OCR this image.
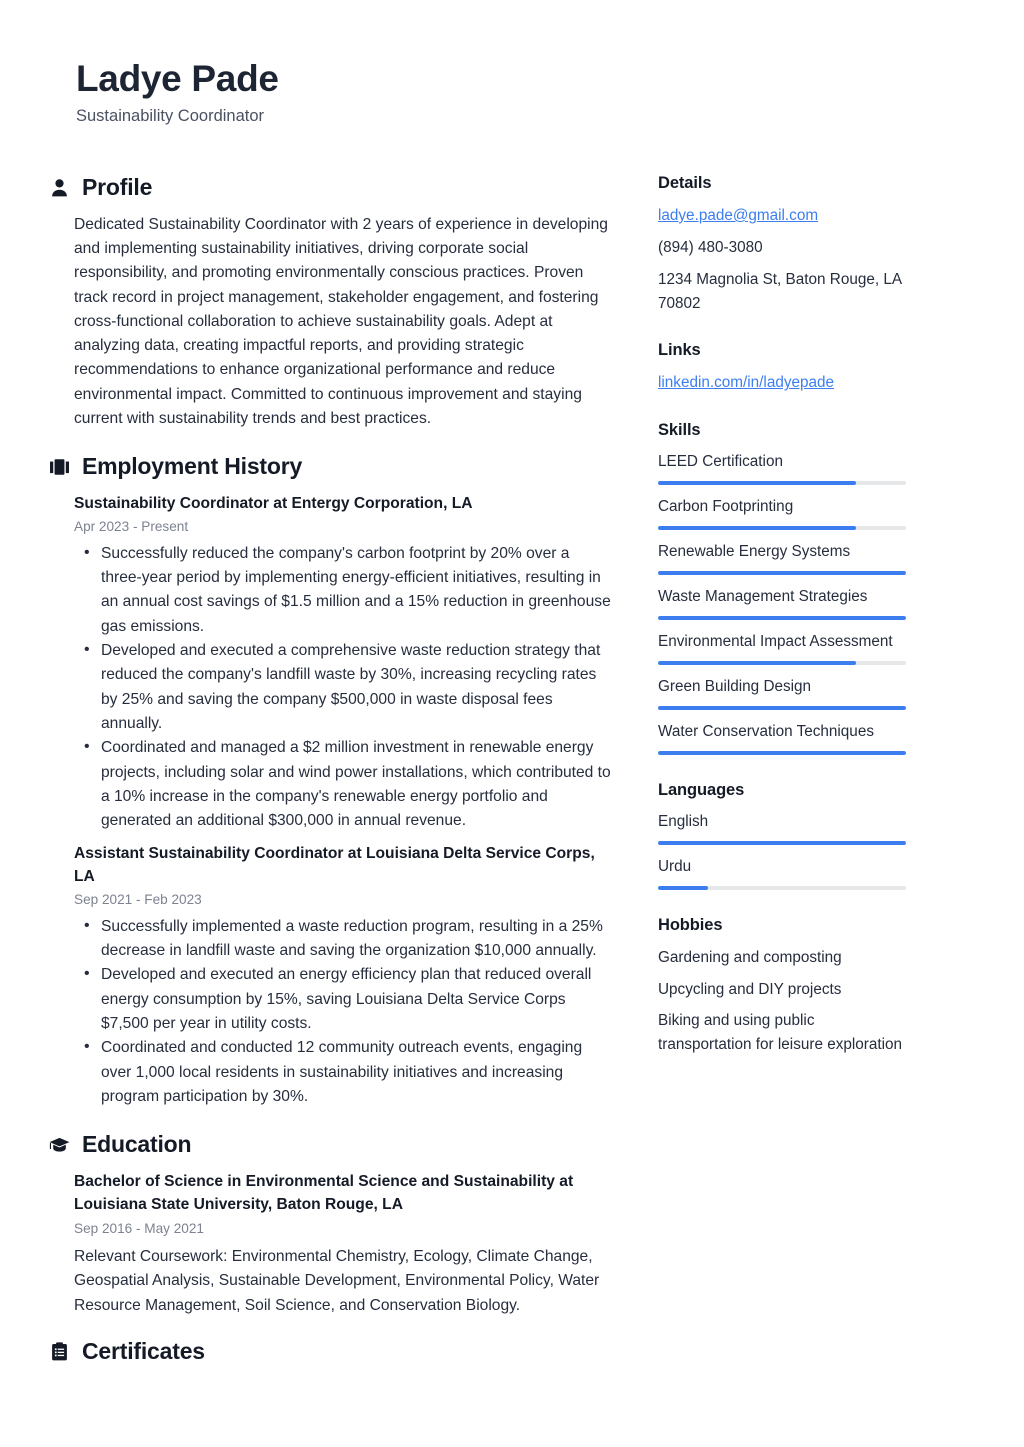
Ladye Pade
Sustainability Coordinator
Profile

Dedicated Sustainability Coordinator with 2 years of experience in developing and implementing sustainability initiatives, driving corporate social responsibility, and promoting environmentally conscious practices. Proven track record in project management, stakeholder engagement, and fostering cross-functional collaboration to achieve sustainability goals. Adept at analyzing data, creating impactful reports, and providing strategic recommendations to enhance organizational performance and reduce environmental impact. Committed to continuous improvement and staying current with sustainability trends and best practices.

Employment History
Sustainability Coordinator at Entergy Corporation, LA
Apr 2023 - Present
• Successfully reduced the company's carbon footprint by 20% over a three-year period by implementing energy-efficient initiatives, resulting in an annual cost savings of $1.5 million and a 15% reduction in greenhouse gas emissions.
• Developed and executed a comprehensive waste reduction strategy that reduced the company's landfill waste by 30%, increasing recycling rates by 25% and saving the company $500,000 in waste disposal fees annually.
• Coordinated and managed a $2 million investment in renewable energy projects, including solar and wind power installations, which contributed to a 10% increase in the company's renewable energy portfolio and generated an additional $300,000 in annual revenue.
Assistant Sustainability Coordinator at Louisiana Delta Service Corps, LA
Sep 2021 - Feb 2023
• Successfully implemented a waste reduction program, resulting in a 25% decrease in landfill waste and saving the organization $10,000 annually.
• Developed and executed an energy efficiency plan that reduced overall energy consumption by 15%, saving Louisiana Delta Service Corps $7,500 per year in utility costs.
• Coordinated and conducted 12 community outreach events, engaging over 1,000 local residents in sustainability initiatives and increasing program participation by 30%.
Education
Bachelor of Science in Environmental Science and Sustainability at Louisiana State University, Baton Rouge, LA
Sep 2016 - May 2021
Relevant Coursework: Environmental Chemistry, Ecology, Climate Change, Geospatial Analysis, Sustainable Development, Environmental Policy, Water Resource Management, Soil Science, and Conservation Biology.
Details
ladye.pade@gmail.com
(894) 480-3080
1234 Magnolia St, Baton Rouge, LA 70802
Links
linkedin.com/in/ladyepade
Skills
LEED Certification
Carbon Footprinting
Renewable Energy Systems
Waste Management Strategies
Environmental Impact Assessment
Green Building Design
Water Conservation Techniques
Languages
English
Urdu
Hobbies
Gardening and composting
Upcycling and DIY projects
Biking and using public transportation for leisure exploration
Certificates
